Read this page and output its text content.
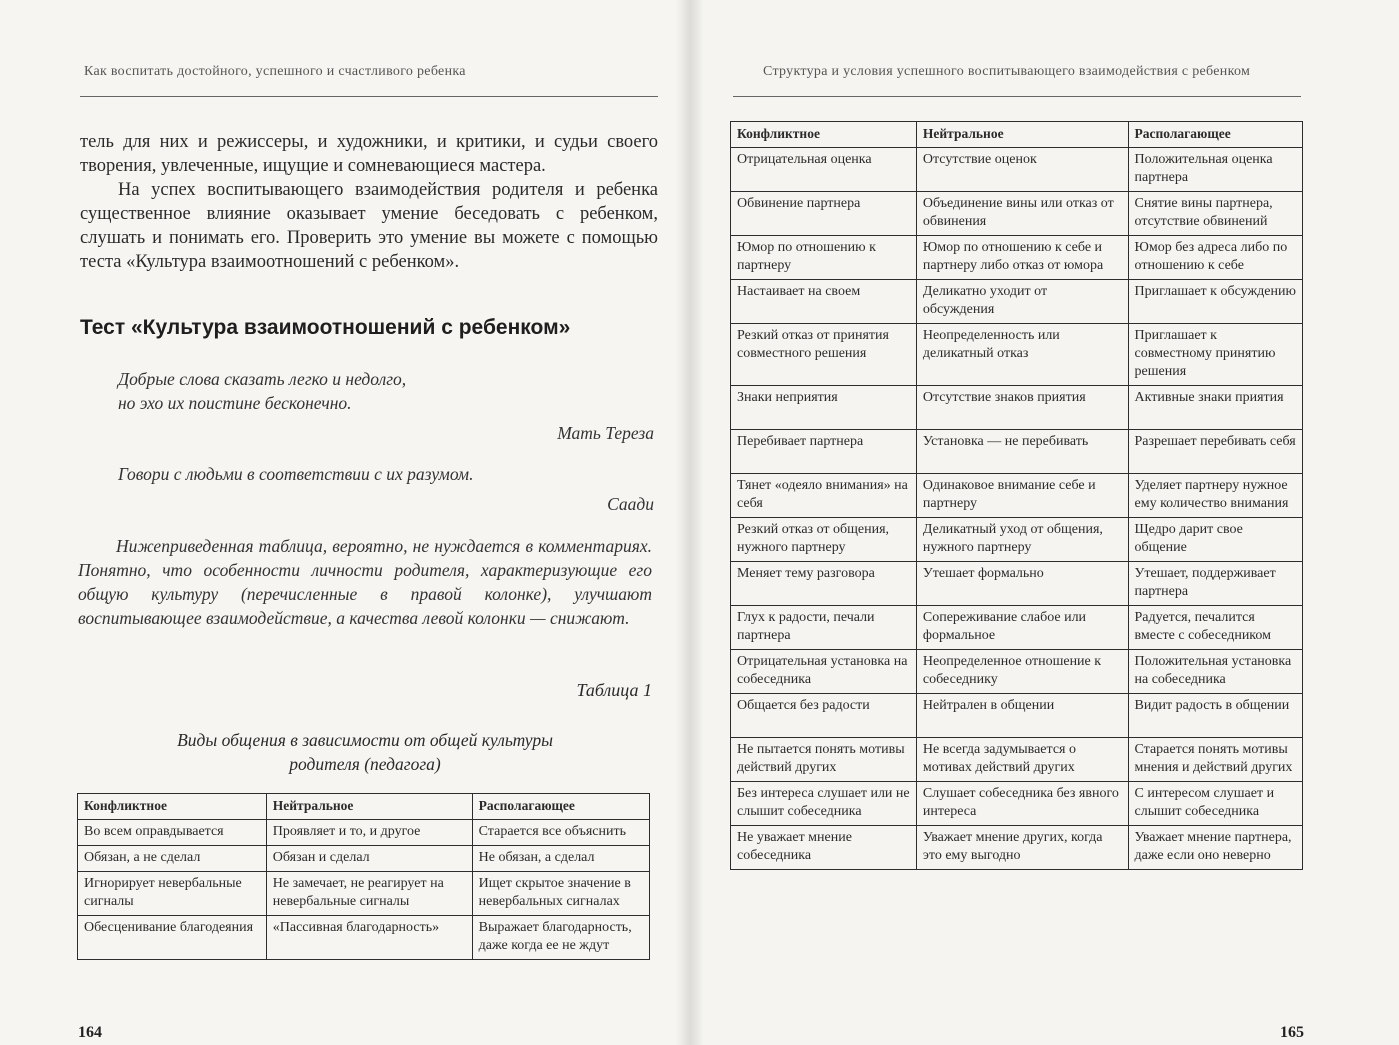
Как воспитать достойного, успешного и счастливого ребенка

тель для них и режиссеры, и художники, и критики, и судьи своего творения, увлеченные, ищущие и сомневающиеся мастера.

На успех воспитывающего взаимодействия родителя и ребенка существенное влияние оказывает умение беседовать с ребенком, слушать и понимать его. Проверить это умение вы можете с помощью теста «Культура взаимоотношений с ребенком».

Тест «Культура взаимоотношений с ребенком»
Добрые слова сказать легко и недолго,
но эхо их поистине бесконечно.
Мать Тереза
Говори с людьми в соответствии с их разумом.
Саади

Нижеприведенная таблица, вероятно, не нуждается в комментариях. Понятно, что особенности личности родителя, характеризующие его общую культуру (перечисленные в правой колонке), улучшают воспитывающее взаимодействие, а качества левой колонки — снижают.

Таблица 1

Виды общения в зависимости от общей культуры
родителя (педагога)
Конфликтное	Нейтральное	Располагающее
Во всем оправдывается	Проявляет и то, и другое	Старается все объяснить
Обязан, а не сделал	Обязан и сделал	Не обязан, а сделал
Игнорирует невербальные сигналы	Не замечает, не реагирует на невербальные сигналы	Ищет скрытое значение в невербальных сигналах
Обесценивание благодеяния	«Пассивная благодарность»	Выражает благодарность, даже когда ее не ждут
164
Структура и условия успешного воспитывающего взаимодействия с ребенком
Конфликтное	Нейтральное	Располагающее
Отрицательная оценка	Отсутствие оценок	Положительная оценка партнера
Обвинение партнера	Объединение вины или отказ от обвинения	Снятие вины партнера, отсутствие обвинений
Юмор по отношению к партнеру	Юмор по отношению к себе и партнеру либо отказ от юмора	Юмор без адреса либо по отношению к себе
Настаивает на своем	Деликатно уходит от обсуждения	Приглашает к обсуждению
Резкий отказ от принятия совместного решения	Неопределенность или деликатный отказ	Приглашает к совместному принятию решения
Знаки неприятия	Отсутствие знаков приятия	Активные знаки приятия
Перебивает партнера	Установка — не перебивать	Разрешает перебивать себя
Тянет «одеяло внимания» на себя	Одинаковое внимание себе и партнеру	Уделяет партнеру нужное ему количество внимания
Резкий отказ от общения, нужного партнеру	Деликатный уход от общения, нужного партнеру	Щедро дарит свое общение
Меняет тему разговора	Утешает формально	Утешает, поддерживает партнера
Глух к радости, печали партнера	Сопереживание слабое или формальное	Радуется, печалится вместе с собеседником
Отрицательная установка на собеседника	Неопределенное отношение к собеседнику	Положительная установка на собеседника
Общается без радости	Нейтрален в общении	Видит радость в общении
Не пытается понять мотивы действий других	Не всегда задумывается о мотивах действий других	Старается понять мотивы мнения и действий других
Без интереса слушает или не слышит собеседника	Слушает собеседника без явного интереса	С интересом слушает и слышит собеседника
Не уважает мнение собеседника	Уважает мнение других, когда это ему выгодно	Уважает мнение партнера, даже если оно неверно
165
